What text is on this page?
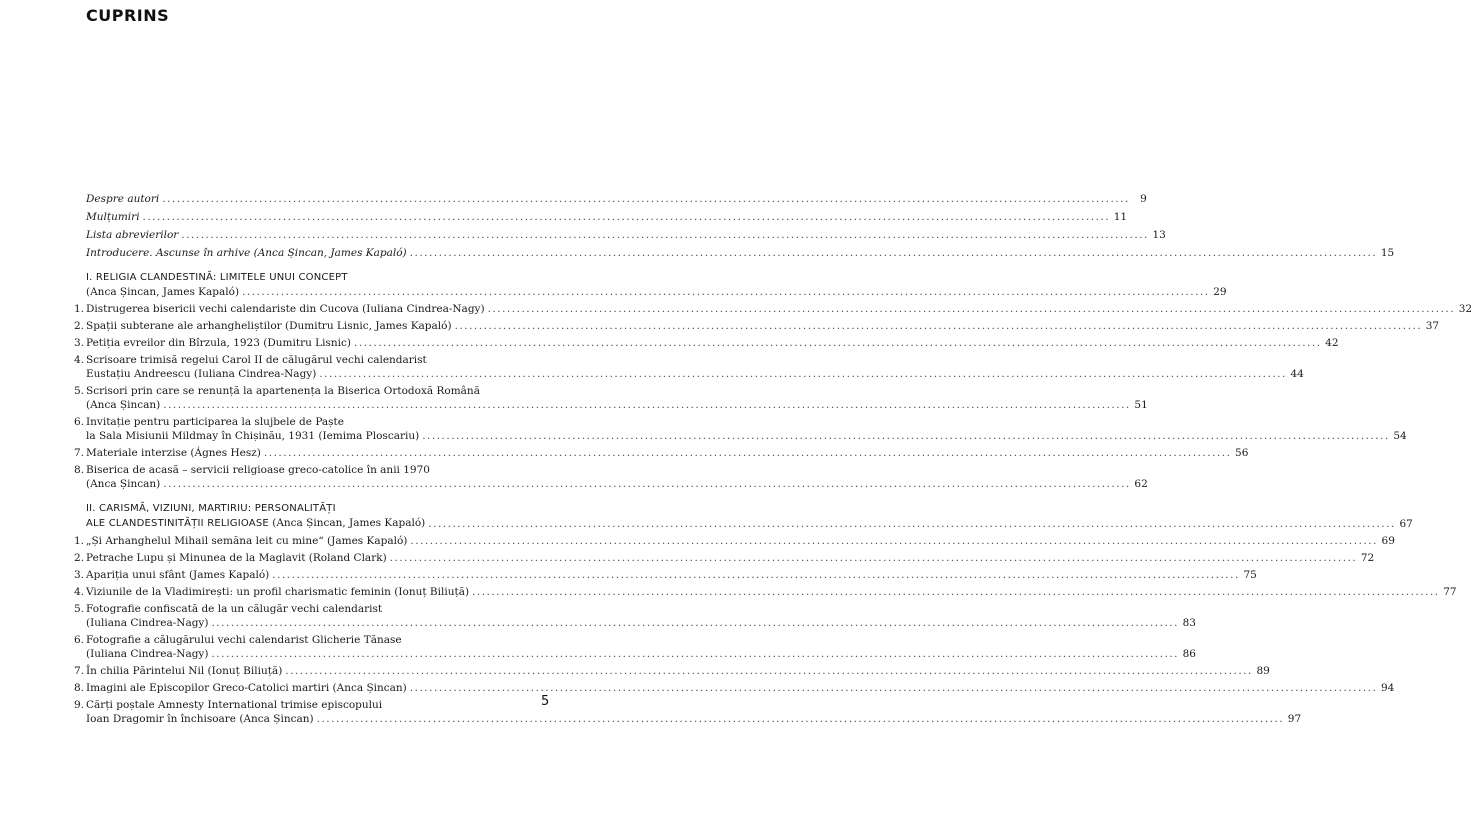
CUPRINS
Despre autori ........................................................................................................................................................................................................ 9
Mulțumiri ........................................................................................................................................................................................................ 11
Lista abrevierilor ........................................................................................................................................................................................................ 13
Introducere. Ascunse în arhive (Anca Șincan, James Kapaló) ........................................................................................................................................................................................................ 15
I. RELIGIA CLANDESTINĂ: LIMITELE UNUI CONCEPT
(Anca Șincan, James Kapaló) ........................................................................................................................................................................................................ 29
1. Distrugerea bisericii vechi calendariste din Cucova (Iuliana Cindrea-Nagy) ........................................................................................................................................................................................................ 32
2. Spații subterane ale arhangheliștilor (Dumitru Lisnic, James Kapaló) ........................................................................................................................................................................................................ 37
3. Petiția evreilor din Bîrzula, 1923 (Dumitru Lisnic) ........................................................................................................................................................................................................ 42
4. Scrisoare trimisă regelui Carol II de călugărul vechi calendarist
Eustațiu Andreescu (Iuliana Cindrea-Nagy) ........................................................................................................................................................................................................ 44
5. Scrisori prin care se renunță la apartenența la Biserica Ortodoxă Română
(Anca Șincan) ........................................................................................................................................................................................................ 51
6. Invitație pentru participarea la slujbele de Paște
la Sala Misiunii Mildmay în Chișinău, 1931 (Iemima Ploscariu) ........................................................................................................................................................................................................ 54
7. Materiale interzise (Ágnes Hesz) ........................................................................................................................................................................................................ 56
8. Biserica de acasă – servicii religioase greco-catolice în anii 1970
(Anca Șincan) ........................................................................................................................................................................................................ 62
II. CARISMĂ, VIZIUNI, MARTIRIU: PERSONALITĂȚI
ALE CLANDESTINITĂȚII RELIGIOASE (Anca Șincan, James Kapaló) ........................................................................................................................................................................................................ 67
1. „Și Arhanghelul Mihail semăna leit cu mine“ (James Kapaló) ........................................................................................................................................................................................................ 69
2. Petrache Lupu și Minunea de la Maglavit (Roland Clark) ........................................................................................................................................................................................................ 72
3. Apariția unui sfânt (James Kapaló) ........................................................................................................................................................................................................ 75
4. Viziunile de la Vladimirești: un profil charismatic feminin (Ionuț Biliuță) ........................................................................................................................................................................................................ 77
5. Fotografie confiscată de la un călugăr vechi calendarist
(Iuliana Cindrea-Nagy) ........................................................................................................................................................................................................ 83
6. Fotografie a călugărului vechi calendarist Glicherie Tănase
(Iuliana Cindrea-Nagy) ........................................................................................................................................................................................................ 86
7. În chilia Părintelui Nil (Ionuț Biliuță) ........................................................................................................................................................................................................ 89
8. Imagini ale Episcopilor Greco-Catolici martiri (Anca Șincan) ........................................................................................................................................................................................................ 94
9. Cărți poștale Amnesty International trimise episcopului
Ioan Dragomir în închisoare (Anca Șincan) ........................................................................................................................................................................................................ 97
5
